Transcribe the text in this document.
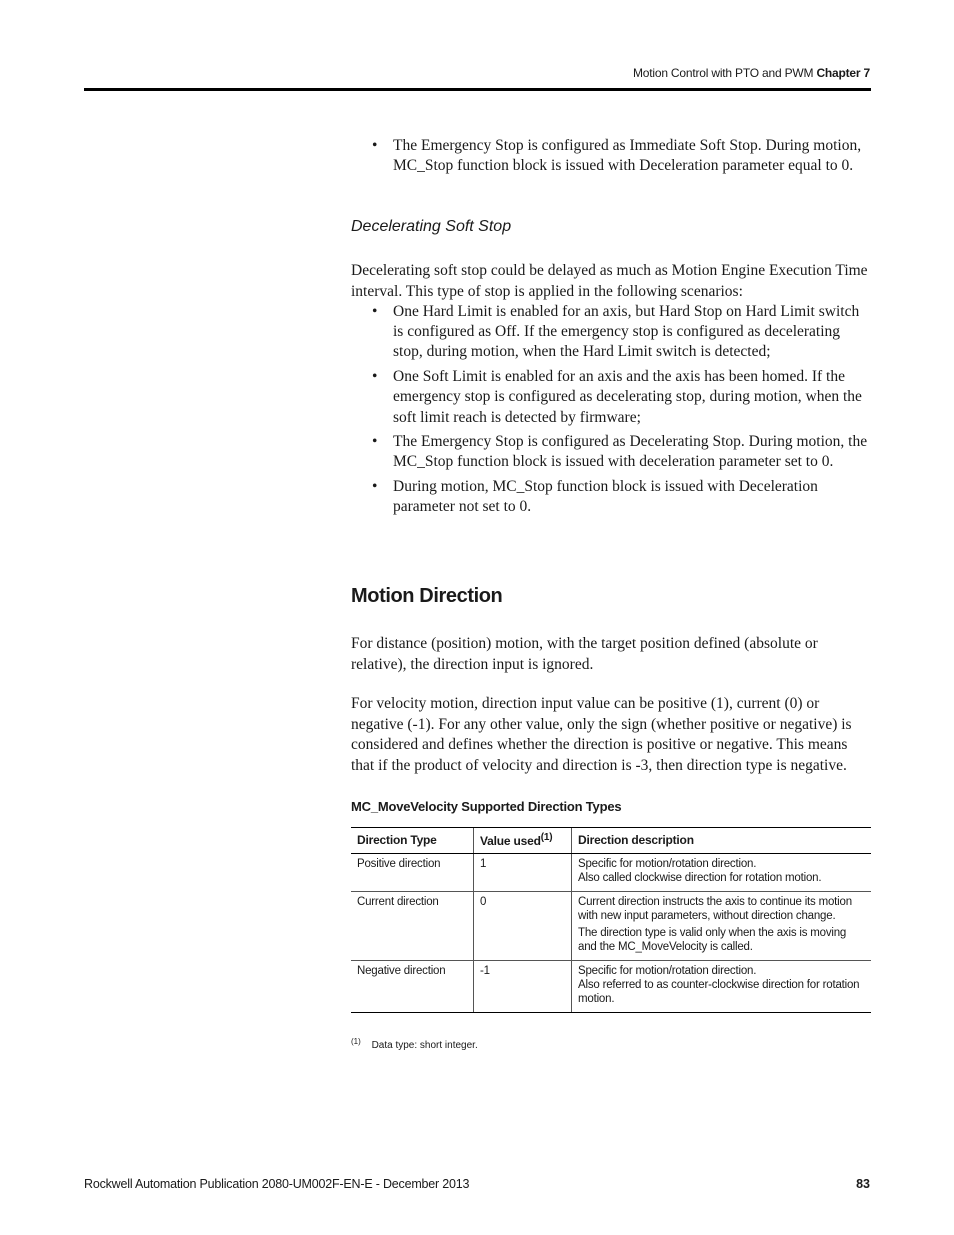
Motion Control with PTO and PWM Chapter 7
• The Emergency Stop is configured as Immediate Soft Stop. During motion, MC_Stop function block is issued with Deceleration parameter equal to 0.

Decelerating Soft Stop

Decelerating soft stop could be delayed as much as Motion Engine Execution Time interval. This type of stop is applied in the following scenarios:

• One Hard Limit is enabled for an axis, but Hard Stop on Hard Limit switch is configured as Off. If the emergency stop is configured as decelerating stop, during motion, when the Hard Limit switch is detected;
• One Soft Limit is enabled for an axis and the axis has been homed. If the emergency stop is configured as decelerating stop, during motion, when the soft limit reach is detected by firmware;
• The Emergency Stop is configured as Decelerating Stop. During motion, the MC_Stop function block is issued with deceleration parameter set to 0.
• During motion, MC_Stop function block is issued with Deceleration parameter not set to 0.
Motion Direction

For distance (position) motion, with the target position defined (absolute or relative), the direction input is ignored.

For velocity motion, direction input value can be positive (1), current (0) or negative (-1). For any other value, only the sign (whether positive or negative) is considered and defines whether the direction is positive or negative. This means that if the product of velocity and direction is -3, then direction type is negative.

MC_MoveVelocity Supported Direction Types

Direction Type	Value used$^{(1)}$	Direction description
Positive direction	1	Specific for motion/rotation direction.

Also called clockwise direction for rotation motion.

Current direction	0	Current direction instructs the axis to continue its motion with new input parameters, without direction change.

The direction type is valid only when the axis is moving and the MC_MoveVelocity is called.

Negative direction	-1	Specific for motion/rotation direction.

Also referred to as counter-clockwise direction for rotation motion.

$^{(1)}$ Data type: short integer.
Rockwell Automation Publication 2080-UM002F-EN-E - December 2013	83
